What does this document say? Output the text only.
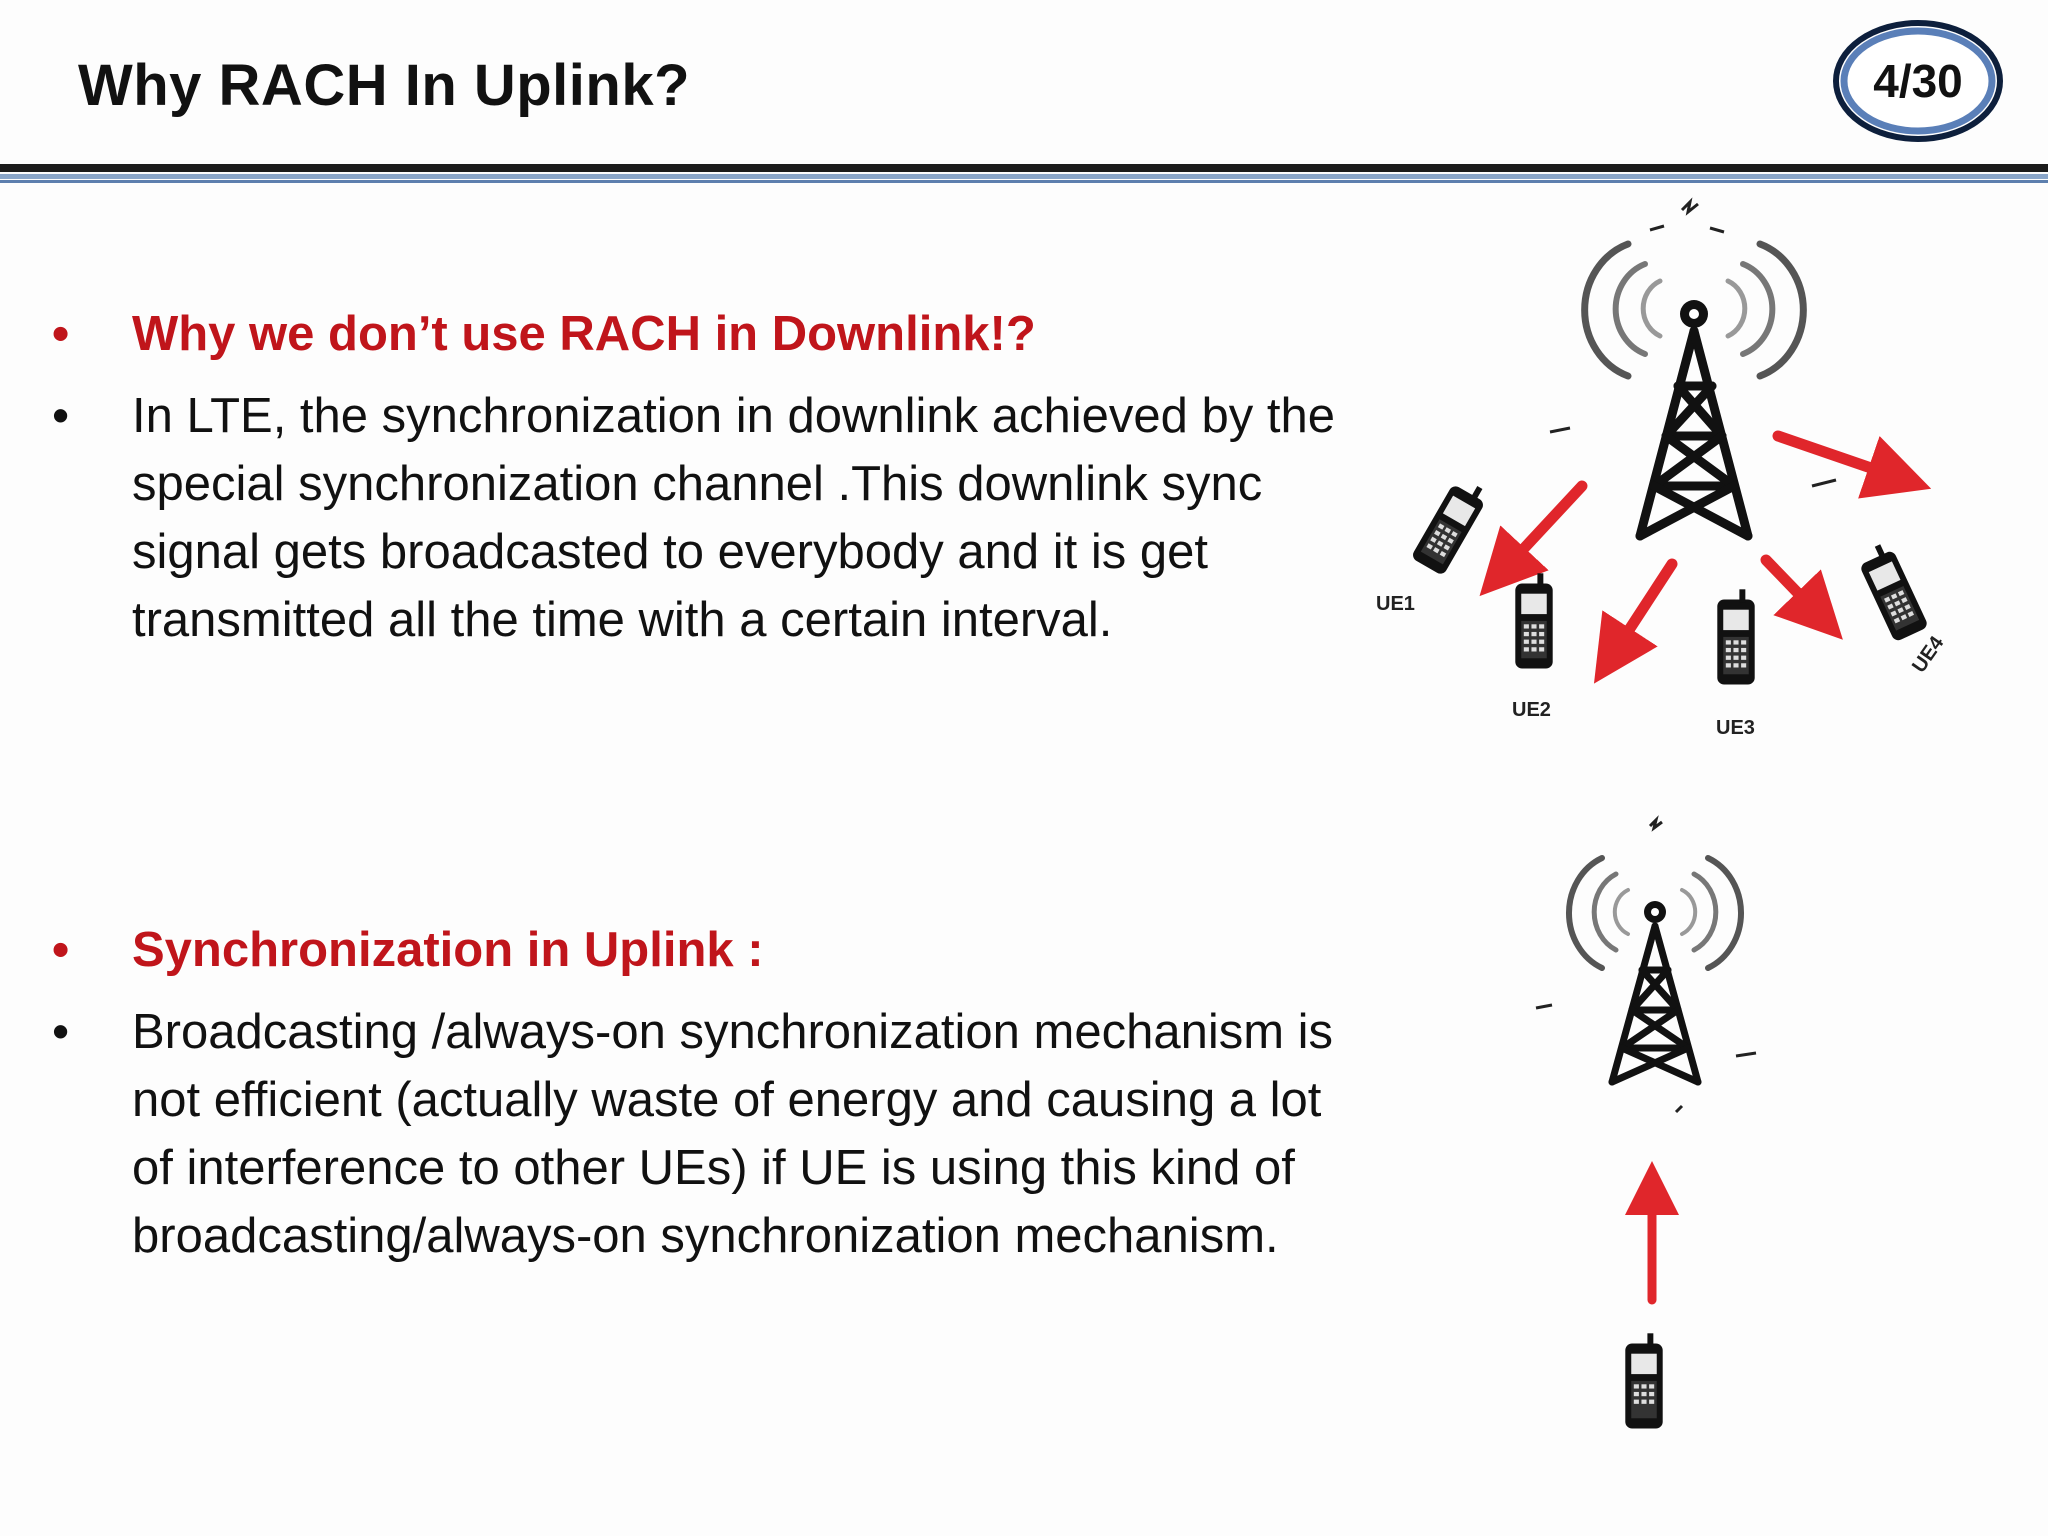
Why RACH In Uplink?	4/30

•	Why we don’t use RACH in Downlink!?

•	In LTE, the synchronization in downlink achieved by the special synchronization channel .This downlink sync signal gets broadcasted to everybody and it is get transmitted all the time with a certain interval.

•	Synchronization in Uplink :

•	Broadcasting /always-on synchronization mechanism is not efficient (actually waste of energy and causing a lot of interference to other UEs) if UE is using this kind of broadcasting/always-on synchronization mechanism.

UE1
UE2
UE3
UE4
